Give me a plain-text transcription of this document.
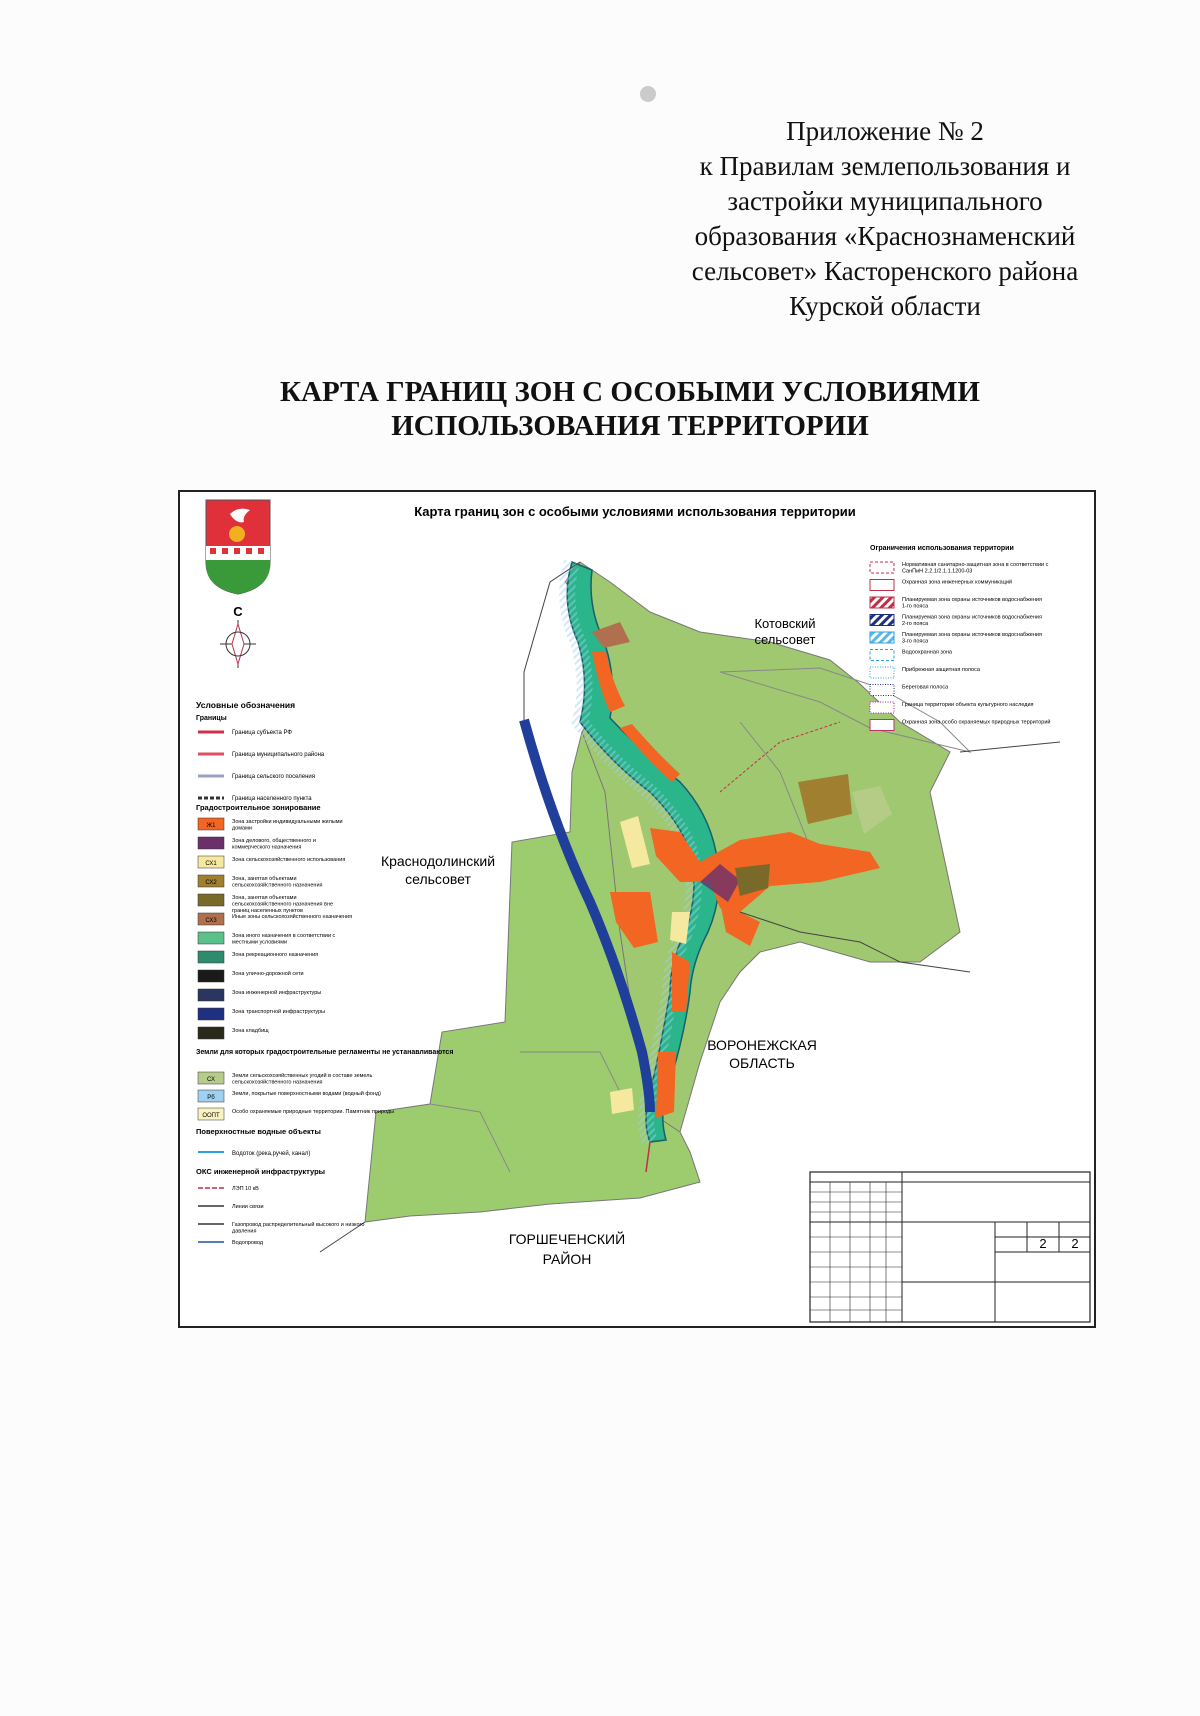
Приложение № 2
к Правилам землепользования и
застройки муниципального
образования «Краснознаменский
сельсовет» Касторенского района
Курской области
КАРТА ГРАНИЦ ЗОН С ОСОБЫМИ УСЛОВИЯМИ
ИСПОЛЬЗОВАНИЯ ТЕРРИТОРИИ
Карта границ зон с особыми условиями использования территории
С
Котовский
сельсовет
Краснодолинский
сельсовет
ВОРОНЕЖСКАЯ
ОБЛАСТЬ
ГОРШЕЧЕНСКИЙ
РАЙОН
Условные обозначения
Границы
Граница субъекта РФ
Граница муниципального района
Граница сельского поселения
Граница населенного пункта
Градостроительное зонирование
Ж1
Зона застройки индивидуальными жилыми домами
Зона делового, общественного и коммерческого назначения
СХ1
Зона сельскохозяйственного использования
СХ2
Зона, занятая объектами сельскохозяйственного назначения
Зона, занятая объектами сельскохозяйственного назначения вне границ населенных пунктов
СХ3
Иные зоны сельскохозяйственного назначения
Зона иного назначения в соответствии с местными условиями
Зона рекреационного назначения
Зона улично-дорожной сети
Зона инженерной инфраструктуры
Зона транспортной инфраструктуры
Зона кладбищ
Земли для которых градостроительные регламенты не устанавливаются
СХ
Земли сельскохозяйственных угодий в составе земель сельскохозяйственного назначения
Рб
Земли, покрытые поверхностными водами (водный фонд)
ООПТ
Особо охраняемые природные территории. Памятник природы
Поверхностные водные объекты
Водоток (река,ручей, канал)
ОКС инженерной инфраструктуры
ЛЭП 10 кВ
Линии связи
Газопровод распределительный высокого и низкого давления
Водопровод
Ограничения использования территории
Нормативная санитарно-защитная зона в соответствии с СанПиН 2.2.1/2.1.1.1200-03
Охранная зона инженерных коммуникаций
Планируемая зона охраны источников водоснабжения 1-го пояса
Планируемая зона охраны источников водоснабжения 2-го пояса
Планируемая зона охраны источников водоснабжения 3-го пояса
Водоохранная зона
Прибрежная защитная полоса
Береговая полоса
Граница территории объекта культурного наследия
Охранная зона особо охраняемых природных территорий
2 2
